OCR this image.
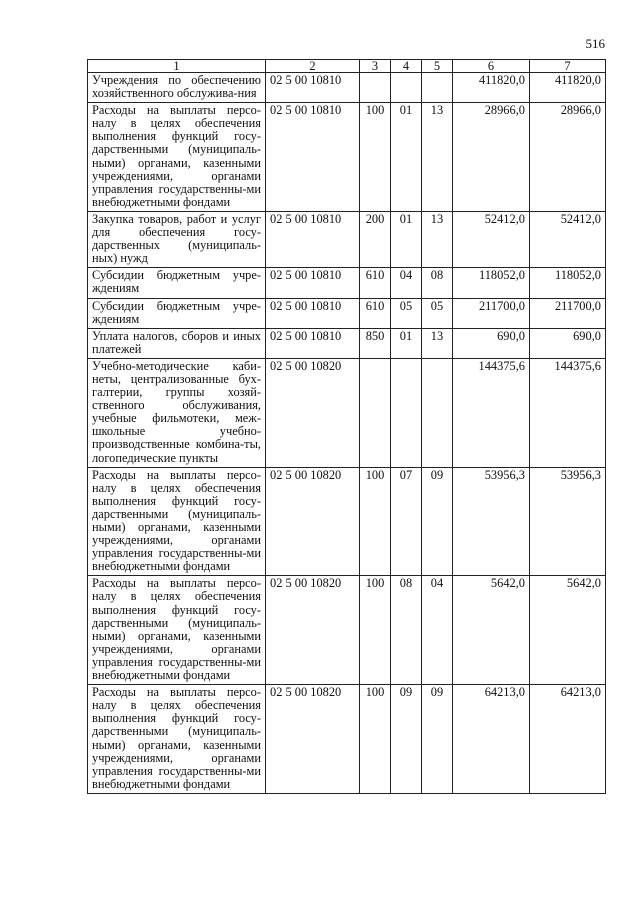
516
1	2	3	4	5	6	7
Учреждения по обеспечению хозяйственного обслужива-ния	02 5 00 10810				411820,0	411820,0
Расходы на выплаты персо-налу в целях обеспечения выполнения функций госу-дарственными (муниципаль-ными) органами, казенными учреждениями, органами управления государственны-ми внебюджетными фондами	02 5 00 10810	100	01	13	28966,0	28966,0
Закупка товаров, работ и услуг для обеспечения госу-дарственных (муниципаль-ных) нужд	02 5 00 10810	200	01	13	52412,0	52412,0
Субсидии бюджетным учре-ждениям	02 5 00 10810	610	04	08	118052,0	118052,0
Субсидии бюджетным учре-ждениям	02 5 00 10810	610	05	05	211700,0	211700,0
Уплата налогов, сборов и иных платежей	02 5 00 10810	850	01	13	690,0	690,0
Учебно-методические каби-неты, централизованные бух-галтерии, группы хозяй-ственного обслуживания, учебные фильмотеки, меж-школьные учебно-производственные комбина-ты, логопедические пункты	02 5 00 10820				144375,6	144375,6
Расходы на выплаты персо-налу в целях обеспечения выполнения функций госу-дарственными (муниципаль-ными) органами, казенными учреждениями, органами управления государственны-ми внебюджетными фондами	02 5 00 10820	100	07	09	53956,3	53956,3
Расходы на выплаты персо-налу в целях обеспечения выполнения функций госу-дарственными (муниципаль-ными) органами, казенными учреждениями, органами управления государственны-ми внебюджетными фондами	02 5 00 10820	100	08	04	5642,0	5642,0
Расходы на выплаты персо-налу в целях обеспечения выполнения функций госу-дарственными (муниципаль-ными) органами, казенными учреждениями, органами управления государственны-ми внебюджетными фондами	02 5 00 10820	100	09	09	64213,0	64213,0
